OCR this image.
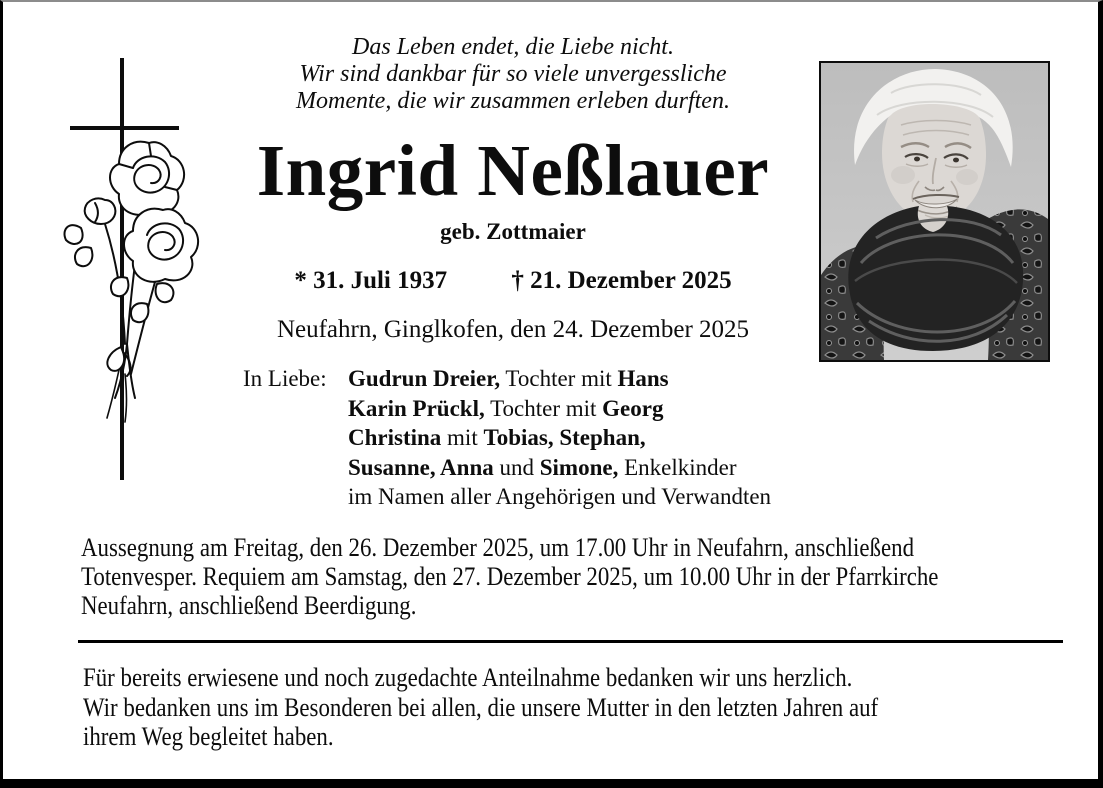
Das Leben endet, die Liebe nicht.
Wir sind dankbar für so viele unvergessliche
Momente, die wir zusammen erleben durften.
Ingrid Neßlauer
geb. Zottmaier
* 31. Juli 1937	† 21. Dezember 2025
Neufahrn, Ginglkofen, den 24. Dezember 2025
In Liebe: Gudrun Dreier, Tochter mit Hans
Karin Prückl, Tochter mit Georg
Christina mit Tobias, Stephan,
Susanne, Anna und Simone, Enkelkinder
im Namen aller Angehörigen und Verwandten
Aussegnung am Freitag, den 26. Dezember 2025, um 17.00 Uhr in Neufahrn, anschließend
Totenvesper. Requiem am Samstag, den 27. Dezember 2025, um 10.00 Uhr in der Pfarrkirche
Neufahrn, anschließend Beerdigung.
Für bereits erwiesene und noch zugedachte Anteilnahme bedanken wir uns herzlich.
Wir bedanken uns im Besonderen bei allen, die unsere Mutter in den letzten Jahren auf
ihrem Weg begleitet haben.
